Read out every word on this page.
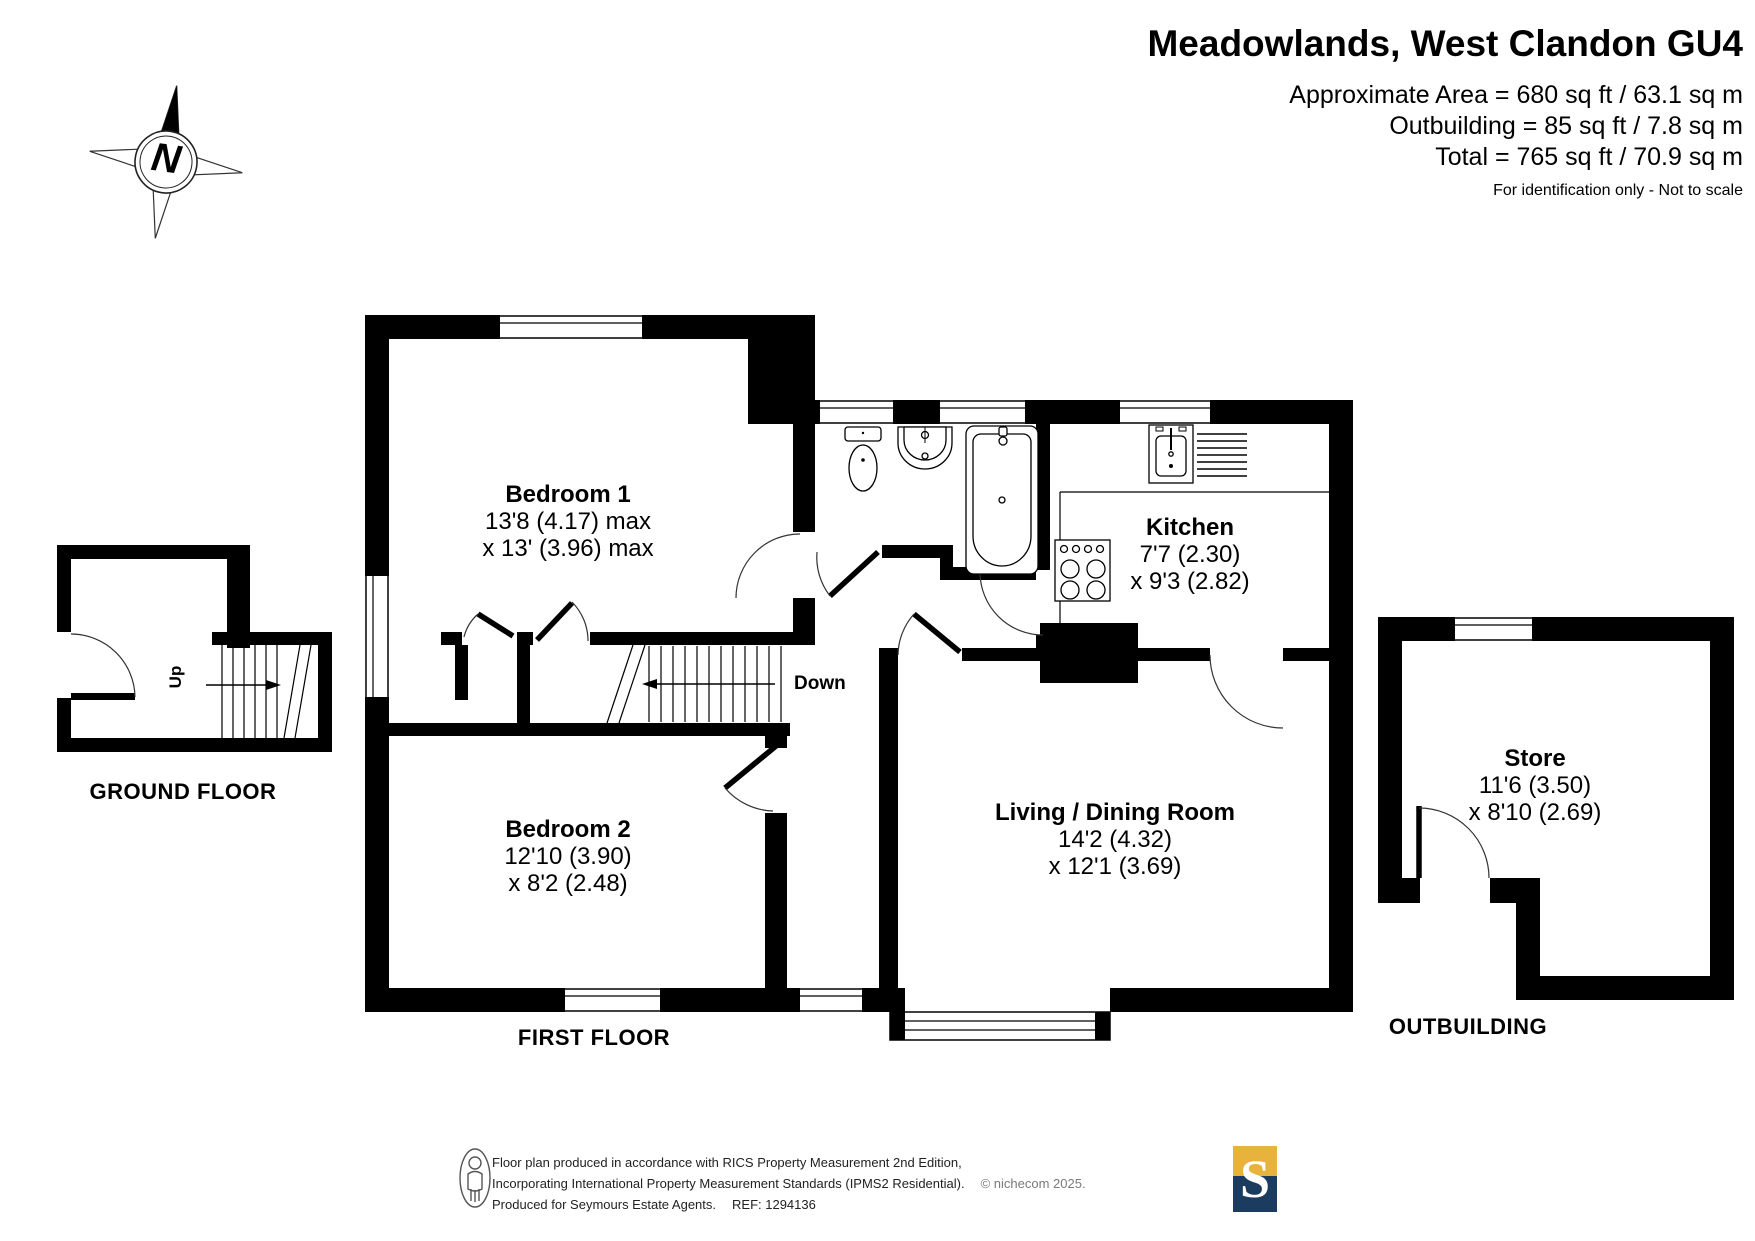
Meadowlands, West Clandon GU4
Approximate Area = 680 sq ft / 63.1 sq m
Outbuilding = 85 sq ft / 7.8 sq m
Total = 765 sq ft / 70.9 sq m
For identification only - Not to scale
N
Bedroom 1
13'8 (4.17) max
x 13' (3.96) max
Bedroom 2
12'10 (3.90)
x 8'2 (2.48)
Kitchen
7'7 (2.30)
x 9'3 (2.82)
Living / Dining Room
14'2 (4.32)
x 12'1 (3.69)
Store
11'6 (3.50)
x 8'10 (2.69)
GROUND FLOOR
FIRST FLOOR	OUTBUILDING
Up	Down
Floor plan produced in accordance with RICS Property Measurement 2nd Edition,
Incorporating International Property Measurement Standards (IPMS2 Residential). © nichecom 2025.
Produced for Seymours Estate Agents. REF: 1294136	S
